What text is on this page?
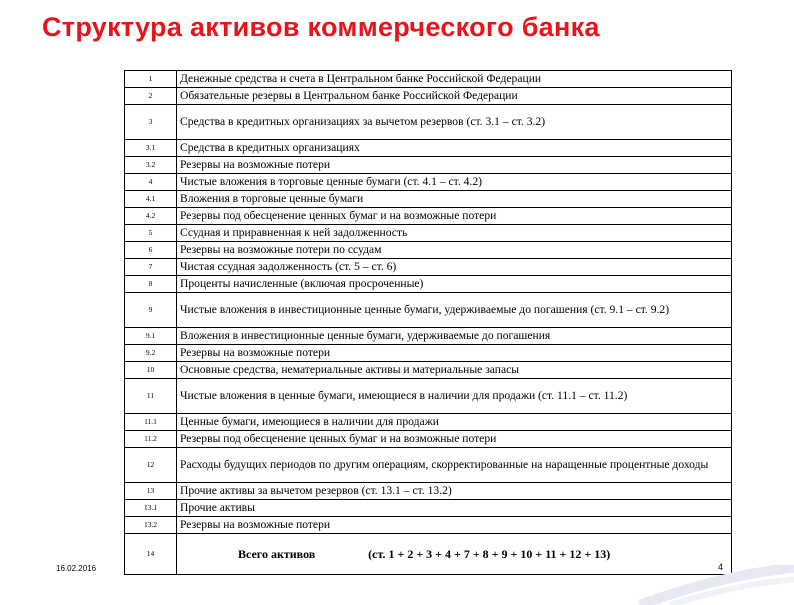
Структура активов коммерческого банка
1	Денежные средства и счета в Центральном банке Российской Федерации
2	Обязательные резервы в Центральном банке Российской Федерации
3	Средства в кредитных организациях за вычетом резервов (ст. 3.1 – ст. 3.2)
3.1	Средства в кредитных организациях
3.2	Резервы на возможные потери
4	Чистые вложения в торговые ценные бумаги (ст. 4.1 – ст. 4.2)
4.1	Вложения в торговые ценные бумаги
4.2	Резервы под обесценение ценных бумаг и на возможные потери
5	Ссудная и приравненная к ней задолженность
6	Резервы на возможные потери по ссудам
7	Чистая ссудная задолженность (ст. 5 – ст. 6)
8	Проценты начисленные (включая просроченные)
9	Чистые вложения в инвестиционные ценные бумаги, удерживаемые до погашения (ст. 9.1 – ст. 9.2)
9.1	Вложения в инвестиционные ценные бумаги, удерживаемые до погашения
9.2	Резервы на возможные потери
10	Основные средства, нематериальные активы и материальные запасы
11	Чистые вложения в ценные бумаги, имеющиеся в наличии для продажи (ст. 11.1 – ст. 11.2)
11.1	Ценные бумаги, имеющиеся в наличии для продажи
11.2	Резервы под обесценение ценных бумаг и на возможные потери
12	Расходы будущих периодов по другим операциям, скорректированные на наращенные процентные доходы
13	Прочие активы за вычетом резервов (ст. 13.1 – ст. 13.2)
13.1	Прочие активы
13.2	Резервы на возможные потери
14	Всего активов (ст. 1 + 2 + 3 + 4 + 7 + 8 + 9 + 10 + 11 + 12 + 13)
16.02.2016	4
